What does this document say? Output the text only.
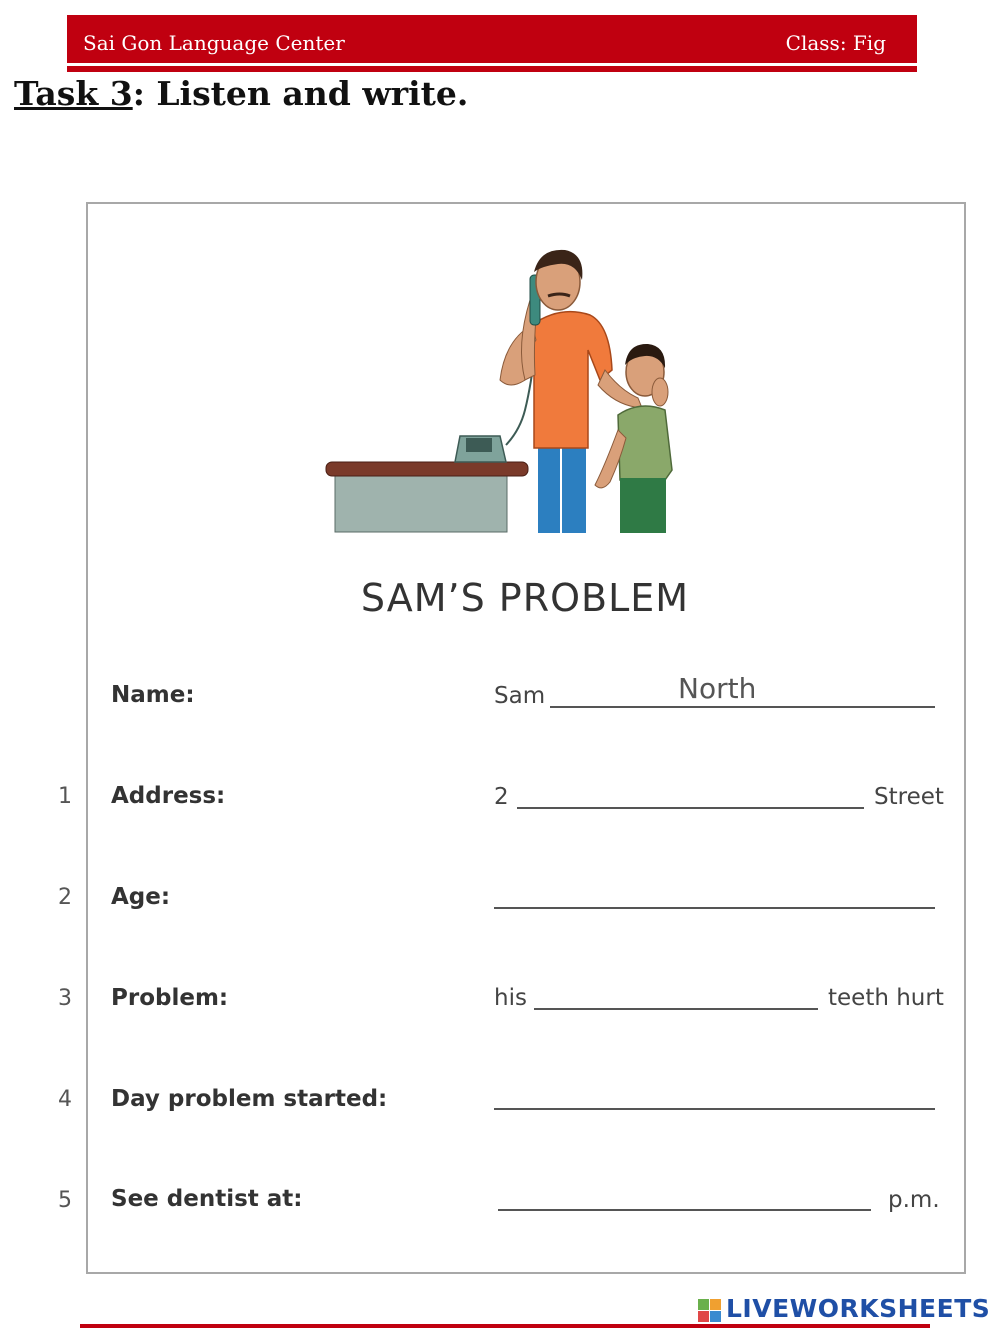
Sai Gon Language Center	Class: Fig
Task 3: Listen and write.
SAM’S PROBLEM
Name:	Sam	North
1 Address:	2	Street
2 Age:
3 Problem:	his	teeth hurt
4 Day problem started:
5 See dentist at:	p.m.
LIVEWORKSHEETS
